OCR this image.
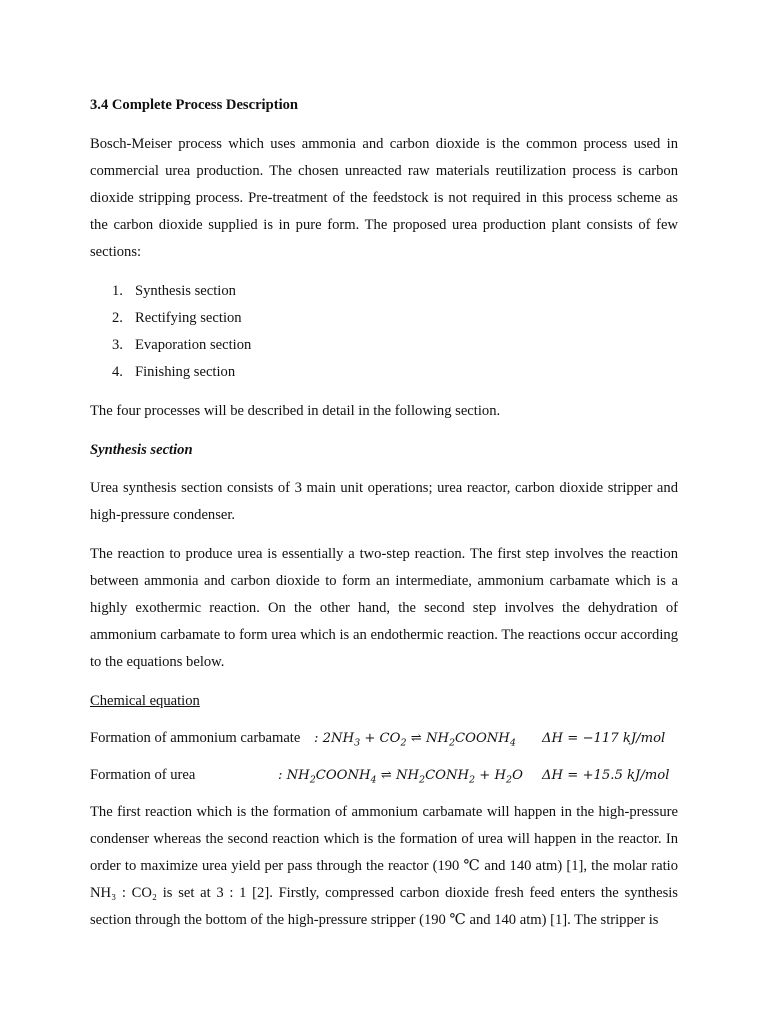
3.4 Complete Process Description

Bosch-Meiser process which uses ammonia and carbon dioxide is the common process used in commercial urea production. The chosen unreacted raw materials reutilization process is carbon dioxide stripping process. Pre-treatment of the feedstock is not required in this process scheme as the carbon dioxide supplied is in pure form. The proposed urea production plant consists of few sections:

1. Synthesis section
2. Rectifying section
3. Evaporation section
4. Finishing section

The four processes will be described in detail in the following section.

Synthesis section

Urea synthesis section consists of 3 main unit operations; urea reactor, carbon dioxide stripper and high-pressure condenser.

The reaction to produce urea is essentially a two-step reaction. The first step involves the reaction between ammonia and carbon dioxide to form an intermediate, ammonium carbamate which is a highly exothermic reaction. On the other hand, the second step involves the dehydration of ammonium carbamate to form urea which is an endothermic reaction. The reactions occur according to the equations below.

Chemical equation
Formation of ammonium carbamate : $2NH_3 + CO_2$ ⇌ $NH_2COONH_4$ ΔH = −117 kJ/mol
Formation of urea	: $NH_2COONH_4$ ⇌ $NH_2CONH_2 + H_2O$ ΔH = +15.5 kJ/mol

The first reaction which is the formation of ammonium carbamate will happen in the high-pressure condenser whereas the second reaction which is the formation of urea will happen in the reactor. In order to maximize urea yield per pass through the reactor (190 ℃ and 140 atm) [1], the molar ratio NH₃ : CO₂ is set at 3 : 1 [2]. Firstly, compressed carbon dioxide fresh feed enters the synthesis section through the bottom of the high-pressure stripper (190 ℃ and 140 atm) [1]. The stripper is
